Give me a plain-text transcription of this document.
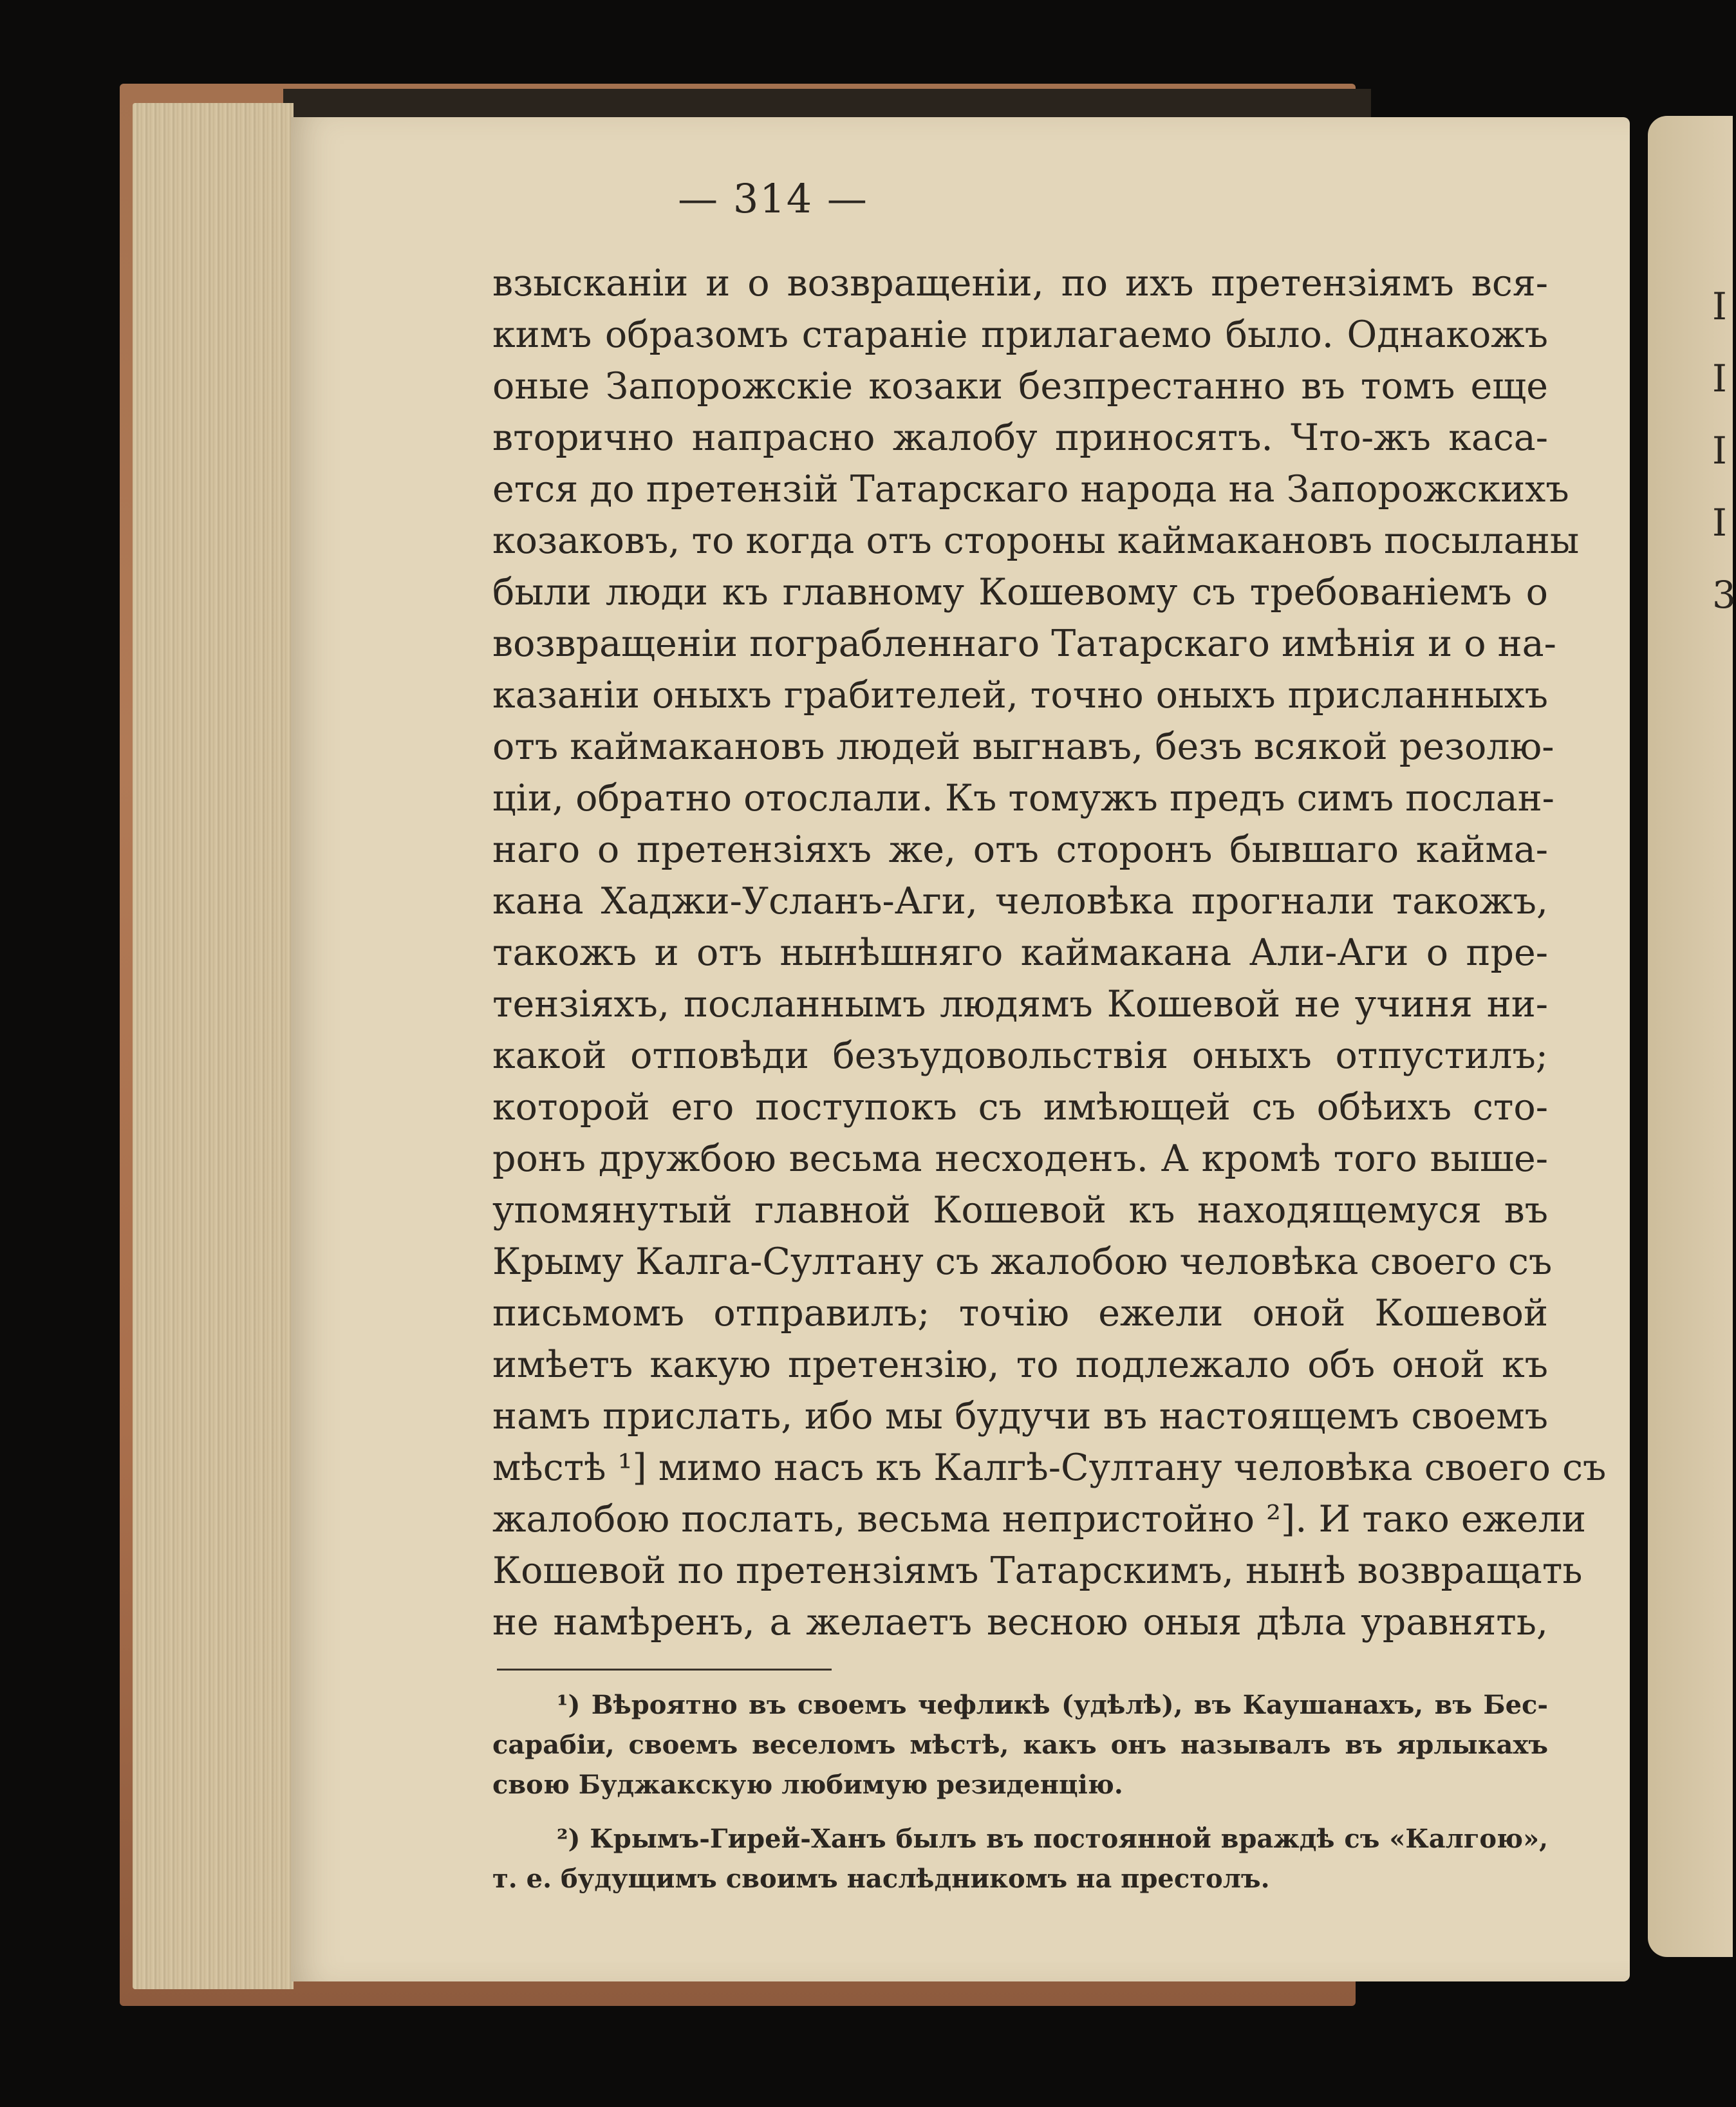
I
I
І
І
3
— 314 —
взысканіи и о возвращеніи, по ихъ претензіямъ вся-
кимъ образомъ стараніе прилагаемо было. Однакожъ
оные Запорожскіе козаки безпрестанно въ томъ еще
вторично напрасно жалобу приносятъ. Что-жъ каса-
ется до претензій Татарскаго народа на Запорожскихъ
козаковъ, то когда отъ стороны каймакановъ посыланы
были люди къ главному Кошевому съ требованіемъ о
возвращеніи пограбленнаго Татарскаго имѣнія и о на-
казаніи оныхъ грабителей, точно оныхъ присланныхъ
отъ каймакановъ людей выгнавъ, безъ всякой резолю-
ціи, обратно отослали. Къ томужъ предъ симъ послан-
наго о претензіяхъ же, отъ сторонъ бывшаго кайма-
кана Хаджи-Усланъ-Аги, человѣка прогнали такожъ,
такожъ и отъ нынѣшняго каймакана Али-Аги о пре-
тензіяхъ, посланнымъ людямъ Кошевой не учиня ни-
какой отповѣди безъудовольствія оныхъ отпустилъ;
которой его поступокъ съ имѣющей съ обѣихъ сто-
ронъ дружбою весьма несходенъ. А кромѣ того выше-
упомянутый главной Кошевой къ находящемуся въ
Крыму Калга-Султану съ жалобою человѣка своего съ
письмомъ отправилъ; точію ежели оной Кошевой
имѣетъ какую претензію, то подлежало объ оной къ
намъ прислать, ибо мы будучи въ настоящемъ своемъ
мѣстѣ ¹] мимо насъ къ Калгѣ-Султану человѣка своего съ
жалобою послать, весьма непристойно ²]. И тако ежели
Кошевой по претензіямъ Татарскимъ, нынѣ возвращать
не намѣренъ, а желаетъ весною оныя дѣла уравнять,
¹) Вѣроятно въ своемъ чефликѣ (удѣлѣ), въ Каушанахъ, въ Бес-
сарабіи, своемъ веселомъ мѣстѣ, какъ онъ называлъ въ ярлыкахъ
свою Буджакскую любимую резиденцію.
²) Крымъ-Гирей-Ханъ былъ въ постоянной враждѣ съ «Калгою»,
т. е. будущимъ своимъ наслѣдникомъ на престолъ.
